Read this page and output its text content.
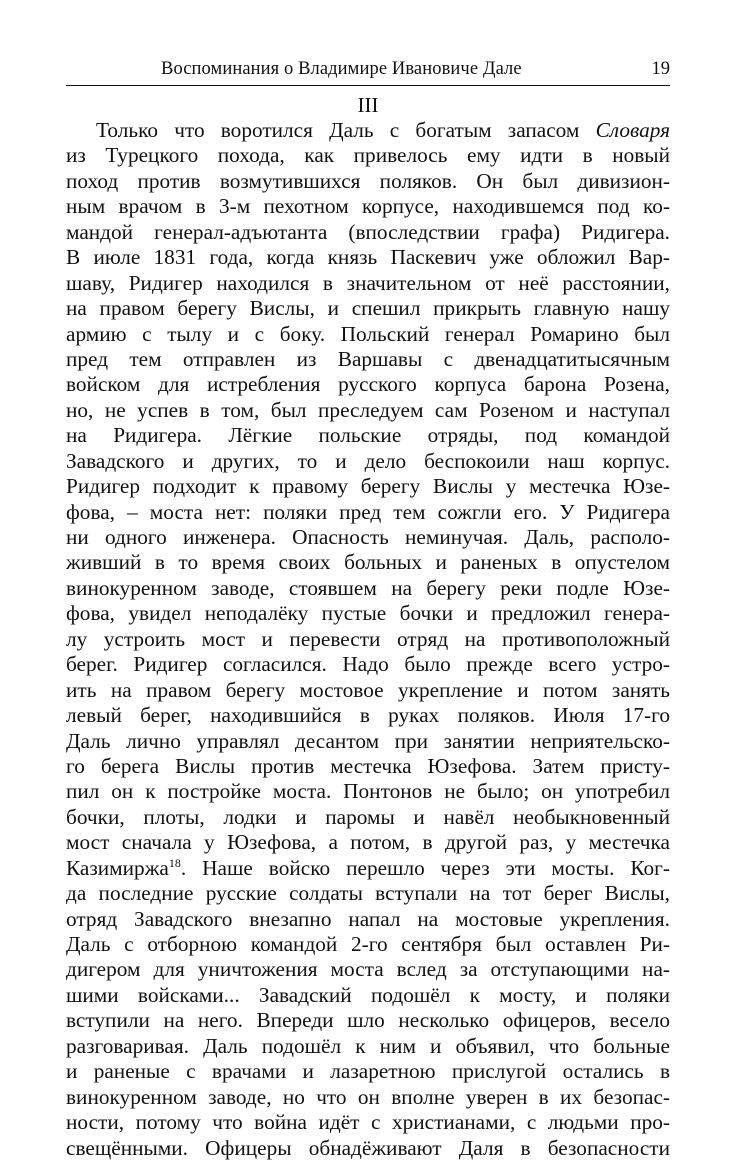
Воспоминания о Владимире Ивановиче Дале	19
III
Только что воротился Даль с богатым запасом Словаря
из Турецкого похода, как привелось ему идти в новый
поход против возмутившихся поляков. Он был дивизион-
ным врачом в 3-м пехотном корпусе, находившемся под ко-
мандой генерал-адъютанта (впоследствии графа) Ридигера.
В июле 1831 года, когда князь Паскевич уже обложил Вар-
шаву, Ридигер находился в значительном от неё расстоянии,
на правом берегу Вислы, и спешил прикрыть главную нашу
армию с тылу и с боку. Польский генерал Ромарино был
пред тем отправлен из Варшавы с двенадцатитысячным
войском для истребления русского корпуса барона Розена,
но, не успев в том, был преследуем сам Розеном и наступал
на Ридигера. Лёгкие польские отряды, под командой
Завадского и других, то и дело беспокоили наш корпус.
Ридигер подходит к правому берегу Вислы у местечка Юзе-
фова, – моста нет: поляки пред тем сожгли его. У Ридигера
ни одного инженера. Опасность неминучая. Даль, располо-
живший в то время своих больных и раненых в опустелом
винокуренном заводе, стоявшем на берегу реки подле Юзе-
фова, увидел неподалёку пустые бочки и предложил генера-
лу устроить мост и перевести отряд на противоположный
берег. Ридигер согласился. Надо было прежде всего устро-
ить на правом берегу мостовое укрепление и потом занять
левый берег, находившийся в руках поляков. Июля 17-го
Даль лично управлял десантом при занятии неприятельско-
го берега Вислы против местечка Юзефова. Затем присту-
пил он к постройке моста. Понтонов не было; он употребил
бочки, плоты, лодки и паромы и навёл необыкновенный
мост сначала у Юзефова, а потом, в другой раз, у местечка
Казимиржа$^{18}$. Наше войско перешло через эти мосты. Ког-
да последние русские солдаты вступали на тот берег Вислы,
отряд Завадского внезапно напал на мостовые укрепления.
Даль с отборною командой 2-го сентября был оставлен Ри-
дигером для уничтожения моста вслед за отступающими на-
шими войсками... Завадский подошёл к мосту, и поляки
вступили на него. Впереди шло несколько офицеров, весело
разговаривая. Даль подошёл к ним и объявил, что больные
и раненые с врачами и лазаретною прислугой остались в
винокуренном заводе, но что он вполне уверен в их безопас-
ности, потому что война идёт с христианами, с людьми про-
свещёнными. Офицеры обнадёживают Даля в безопасности
